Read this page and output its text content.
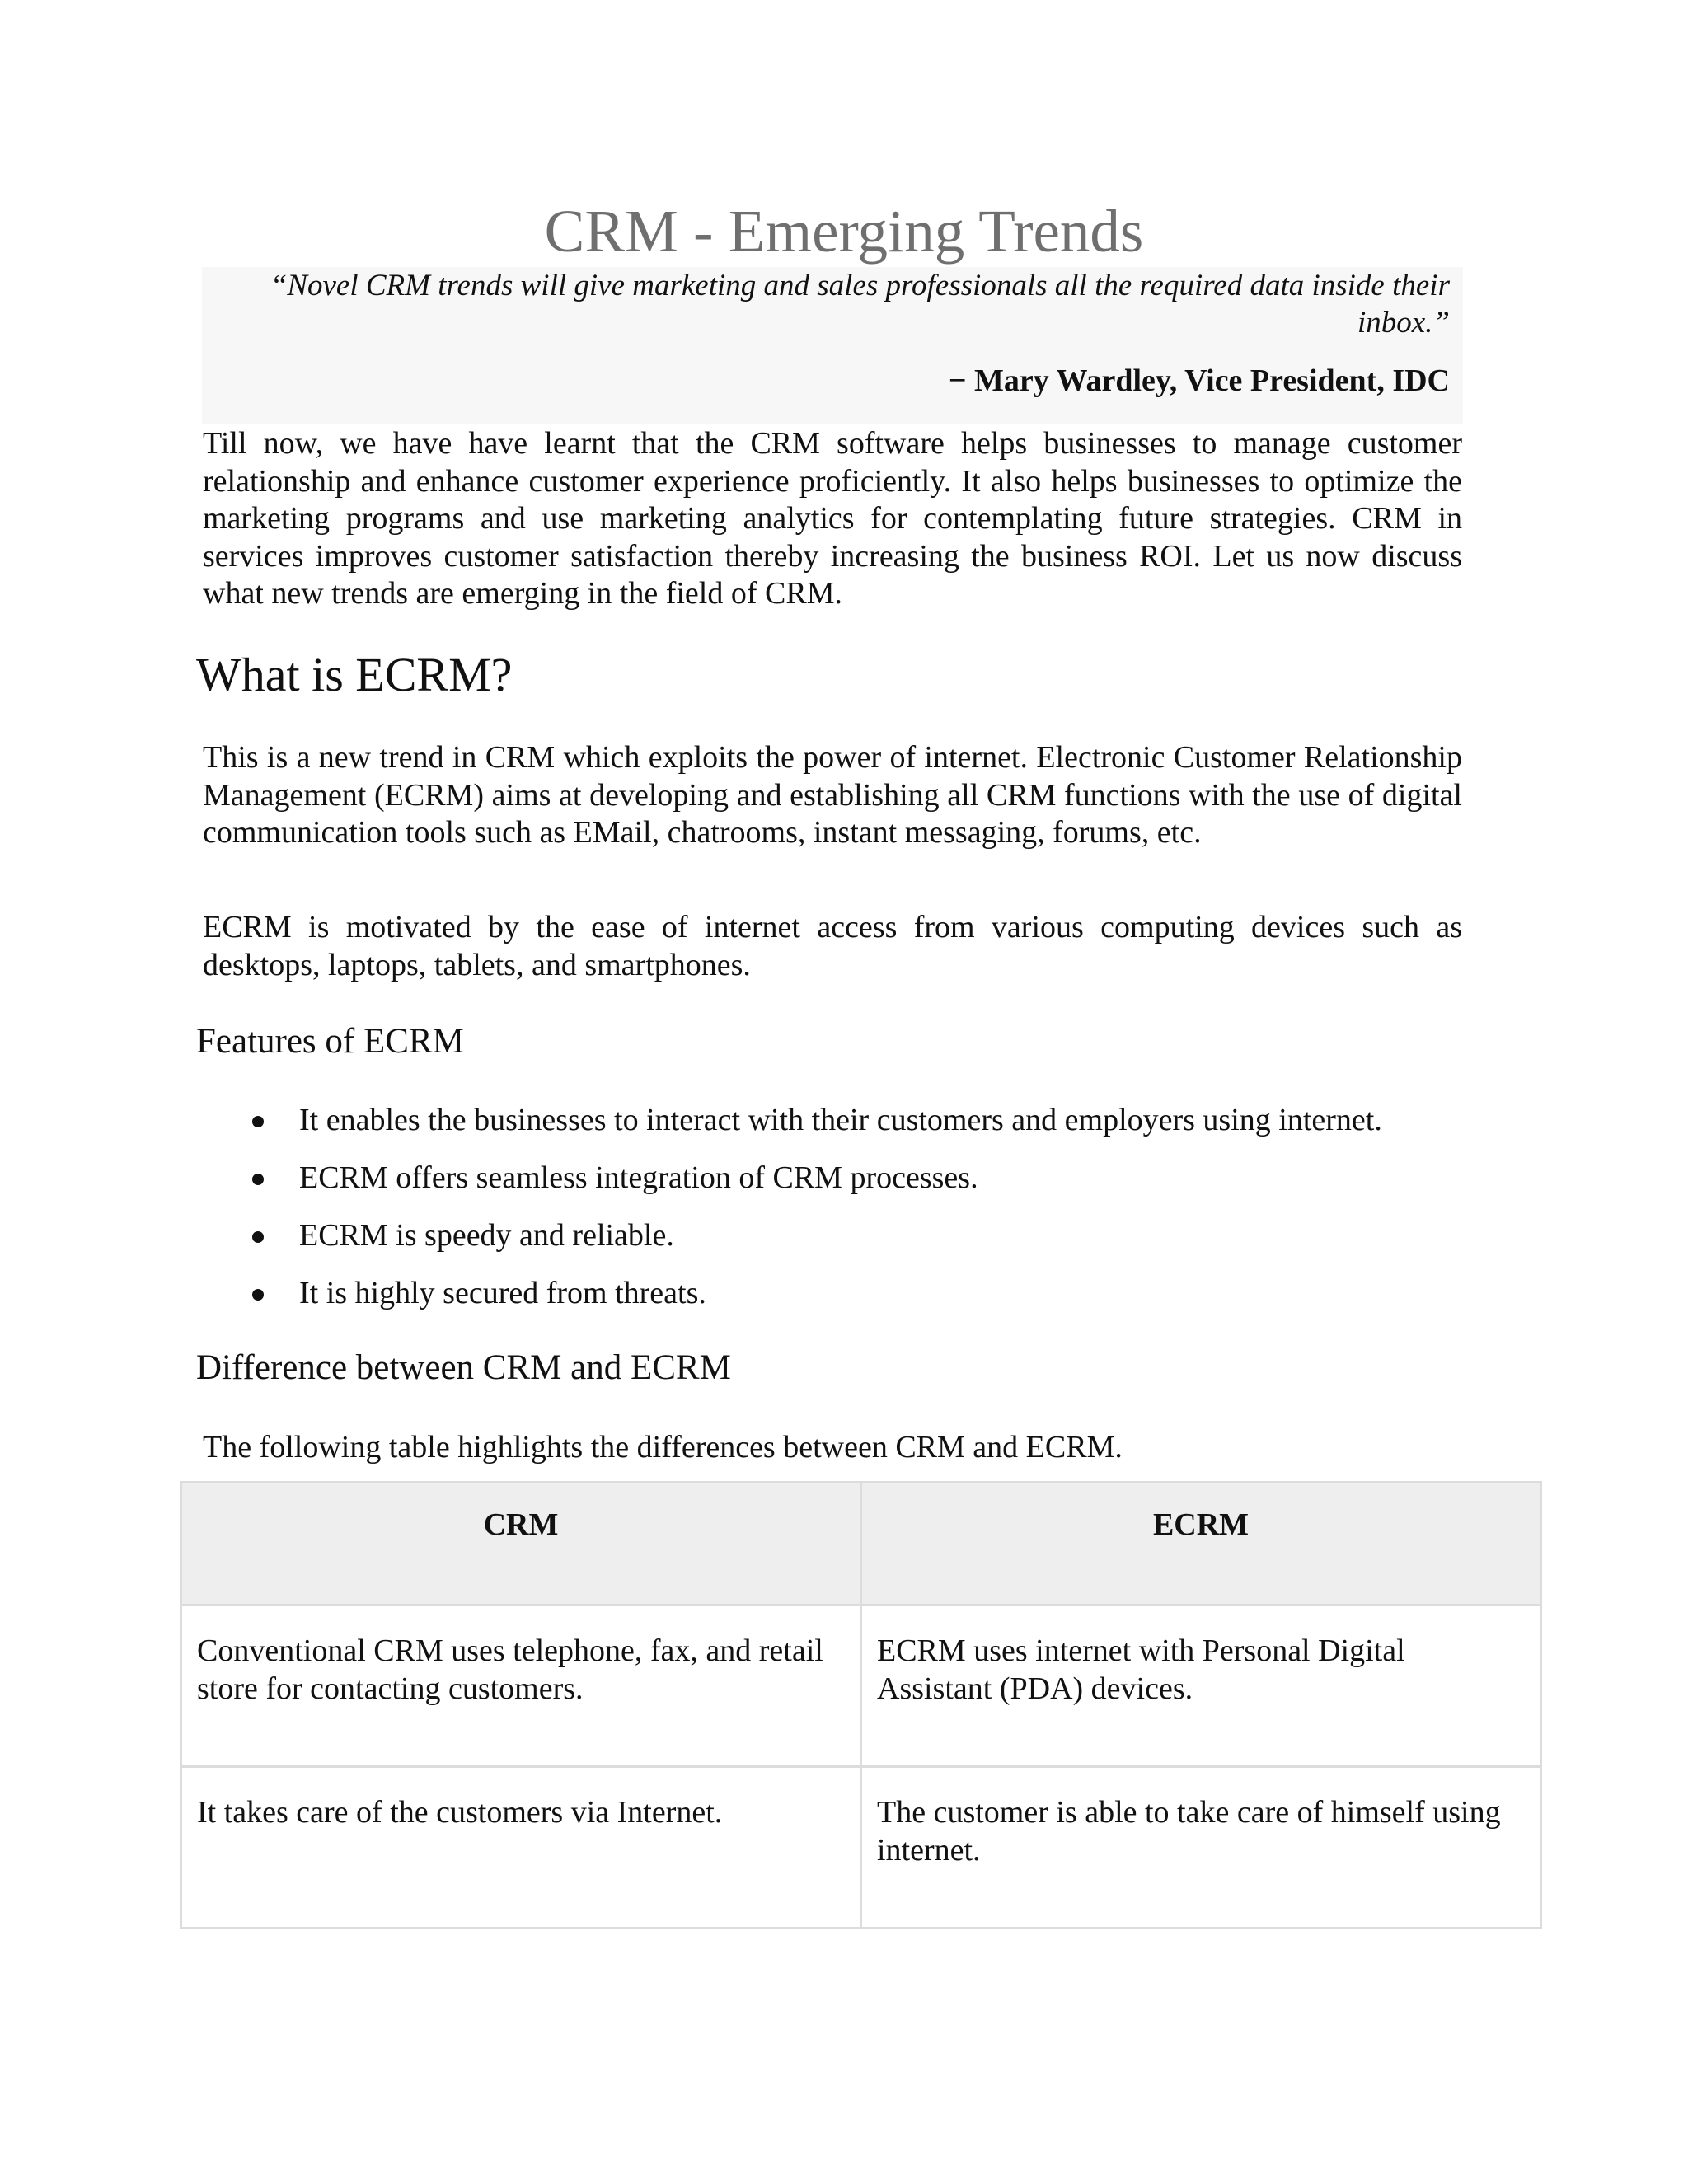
CRM - Emerging Trends

“Novel CRM trends will give marketing and sales professionals all the required data inside their inbox.”

− Mary Wardley, Vice President, IDC

Till now, we have have learnt that the CRM software helps businesses to manage customer relationship and enhance customer experience proficiently. It also helps businesses to optimize the marketing programs and use marketing analytics for contemplating future strategies. CRM in services improves customer satisfaction thereby increasing the business ROI. Let us now discuss what new trends are emerging in the field of CRM.

What is ECRM?

This is a new trend in CRM which exploits the power of internet. Electronic Customer Relationship Management (ECRM) aims at developing and establishing all CRM functions with the use of digital communication tools such as EMail, chatrooms, instant messaging, forums, etc.

ECRM is motivated by the ease of internet access from various computing devices such as desktops, laptops, tablets, and smartphones.

Features of ECRM
It enables the businesses to interact with their customers and employers using internet.
ECRM offers seamless integration of CRM processes.
ECRM is speedy and reliable.
It is highly secured from threats.
Difference between CRM and ECRM

The following table highlights the differences between CRM and ECRM.

CRM	ECRM
Conventional CRM uses telephone, fax, and retail store for contacting customers.	ECRM uses internet with Personal Digital Assistant (PDA) devices.
It takes care of the customers via Internet.	The customer is able to take care of himself using internet.
